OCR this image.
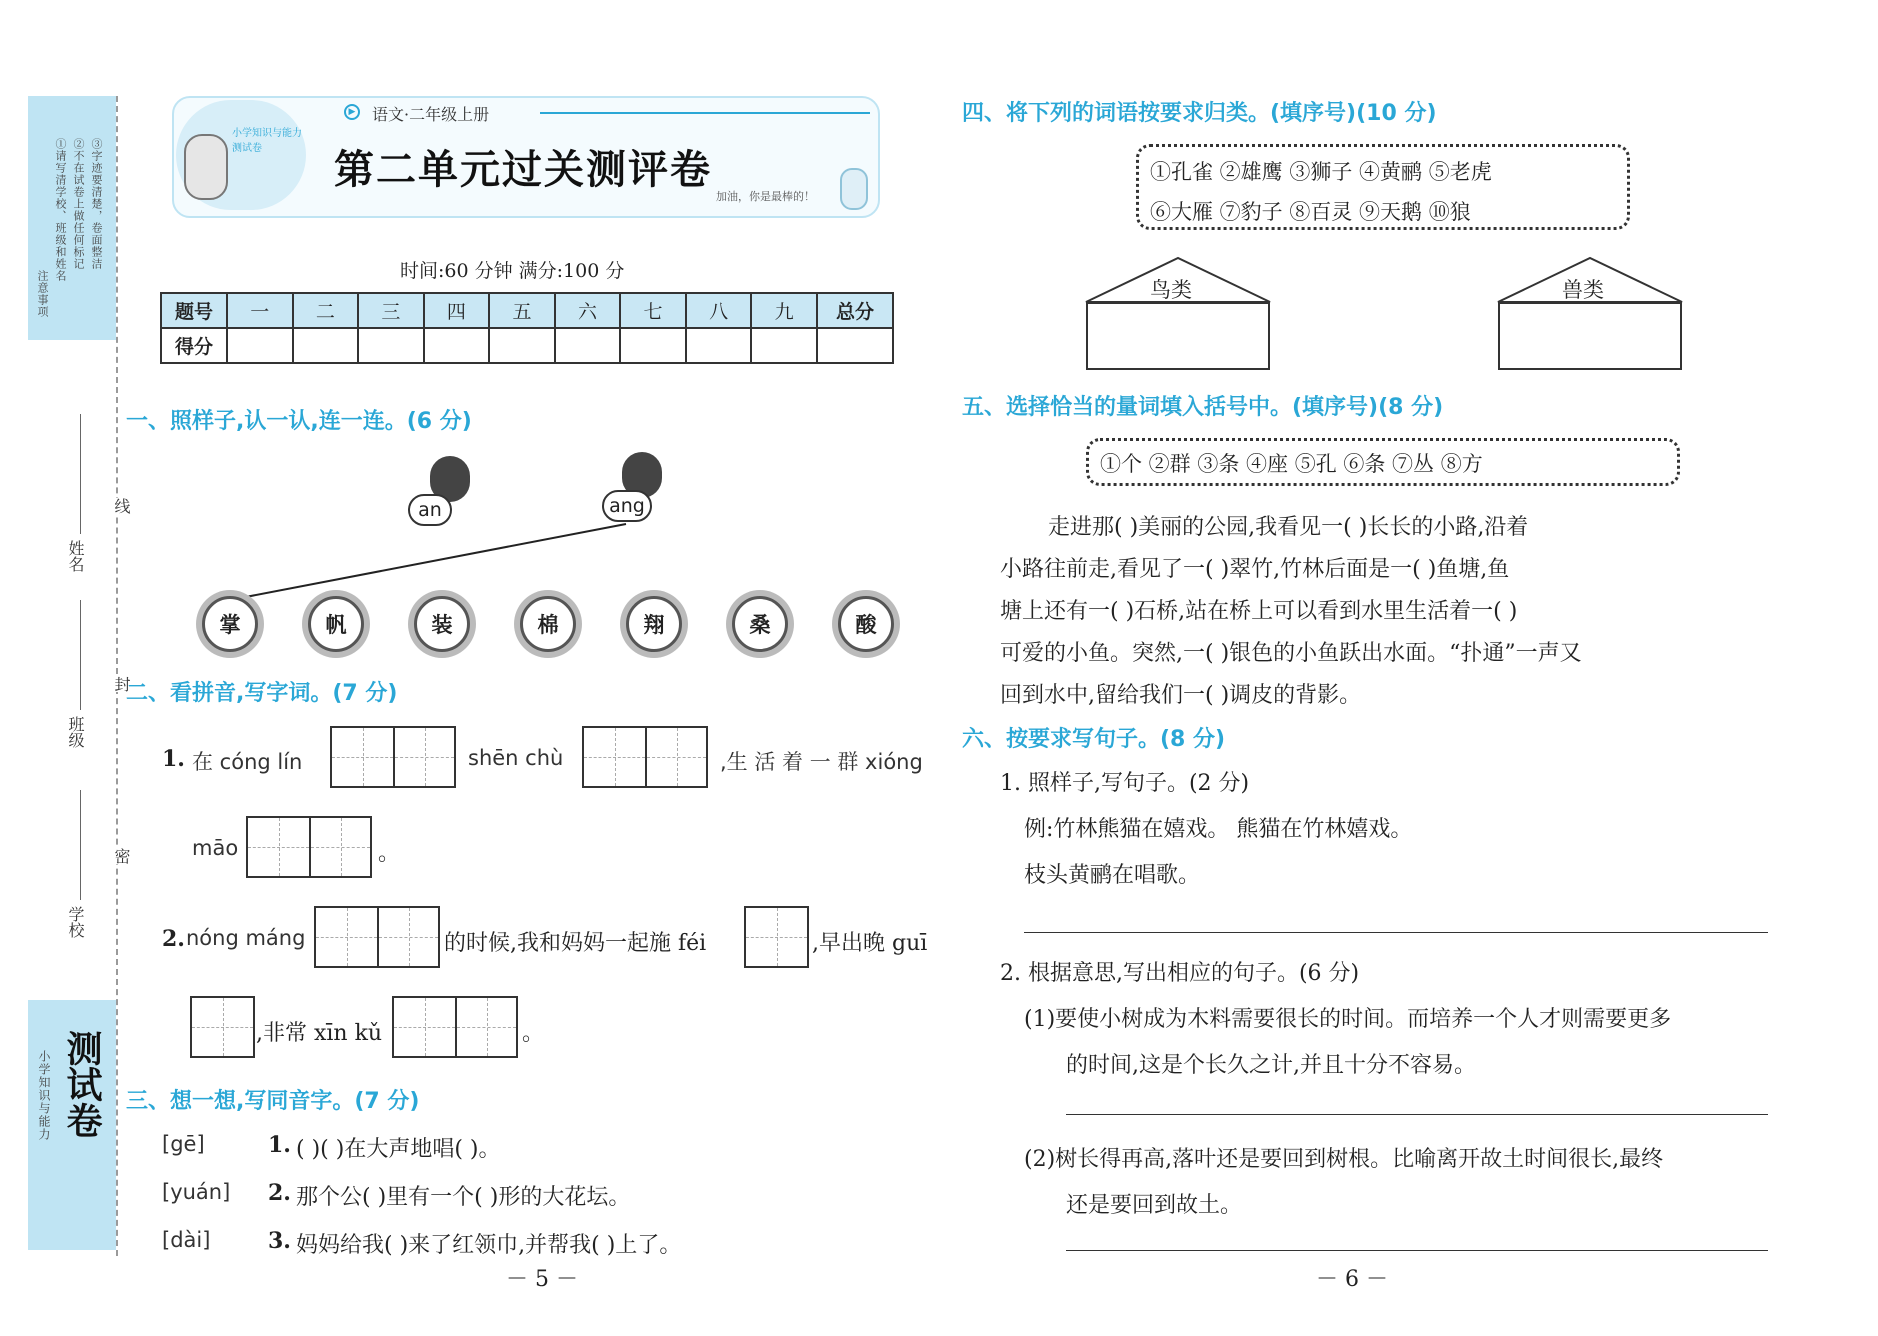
注意事项
①请写清学校、班级和姓名 ②不在试卷上做任何标记 ③字迹要清楚，卷面整洁
线
封
密
姓名
班级
学校
小学知识与能力 测试卷
小学知识与能力测试卷
▶ 语文·二年级上册
第二单元过关测评卷
加油，你是最棒的！
时间:60 分钟 满分:100 分
题号	一	二	三	四	五	六	七	八	九	总分
得分										
一、照样子,认一认,连一连。(6 分)
an	ang
掌	帆	装	棉	翔	桑	酸
二、看拼音,写字词。(7 分)
1. 在 cóng lín	shēn chù	,生 活 着 一 群 xióng
māo	。
2. nóng máng	的时候,我和妈妈一起施 féi	,早出晚 guī
,非常 xīn kǔ	。
三、想一想,写同音字。(7 分)
[gē]	1. ( )( )在大声地唱( )。
[yuán] 2. 那个公( )里有一个( )形的大花坛。
[dài]	3. 妈妈给我( )来了红领巾,并帮我( )上了。
－ 5 －
四、将下列的词语按要求归类。(填序号)(10 分)
①孔雀 ②雄鹰 ③狮子 ④黄鹂 ⑤老虎
⑥大雁 ⑦豹子 ⑧百灵 ⑨天鹅 ⑩狼
鸟类	兽类
五、选择恰当的量词填入括号中。(填序号)(8 分)
①个 ②群 ③条 ④座 ⑤孔 ⑥条 ⑦丛 ⑧方
走进那( )美丽的公园,我看见一( )长长的小路,沿着
小路往前走,看见了一( )翠竹,竹林后面是一( )鱼塘,鱼
塘上还有一( )石桥,站在桥上可以看到水里生活着一( )
可爱的小鱼。突然,一( )银色的小鱼跃出水面。“扑通”一声又
回到水中,留给我们一( )调皮的背影。
六、按要求写句子。(8 分)
1. 照样子,写句子。(2 分)
例:竹林熊猫在嬉戏。 熊猫在竹林嬉戏。
枝头黄鹂在唱歌。
2. 根据意思,写出相应的句子。(6 分)
(1)要使小树成为木料需要很长的时间。而培养一个人才则需要更多
的时间,这是个长久之计,并且十分不容易。
(2)树长得再高,落叶还是要回到树根。比喻离开故土时间很长,最终
还是要回到故土。
－ 6 －
